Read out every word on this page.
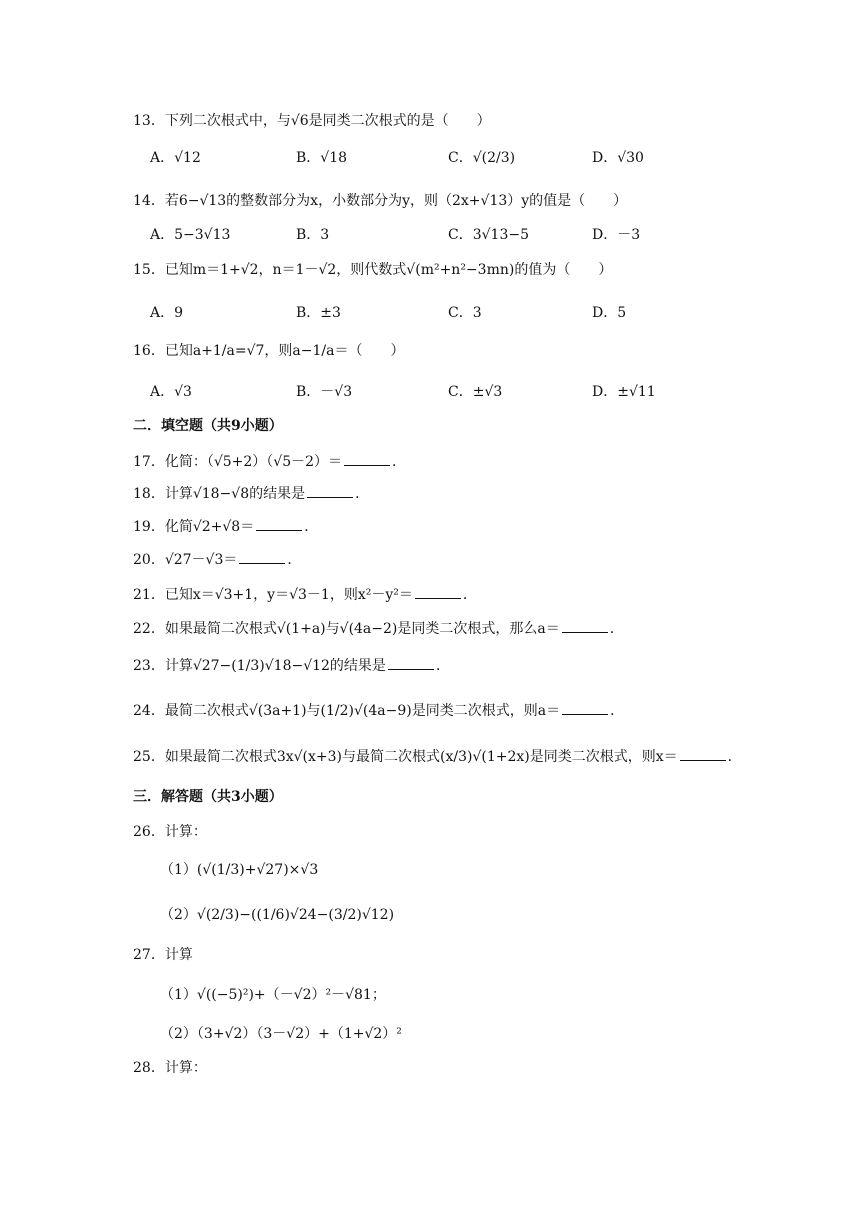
13．下列二次根式中，与√6是同类二次根式的是（　　）
A．√12	B．√18	C．√(2/3)	D．√30
14．若6−√13的整数部分为x，小数部分为y，则（2x+√13）y的值是（　　）
A．5−3√13	B．3	C．3√13−5	D．－3
15．已知m＝1+√2，n＝1－√2，则代数式√(m²+n²−3mn)的值为（　　）
A．9	B．±3	C．3	D．5
16．已知a+1/a=√7，则a−1/a＝（　　）
A．√3	B．－√3	C．±√3	D．±√11
二．填空题（共9小题）
17．化简：（√5+2）（√5－2）＝	．
18．计算√18−√8的结果是	．
19．化简√2+√8＝	．
20．√27－√3＝	．
21．已知x＝√3+1，y＝√3－1，则x²－y²＝	．
22．如果最简二次根式√(1+a)与√(4a−2)是同类二次根式，那么a＝	．
23．计算√27−(1/3)√18−√12的结果是	．
24．最简二次根式√(3a+1)与(1/2)√(4a−9)是同类二次根式，则a＝	．
25．如果最简二次根式3x√(x+3)与最简二次根式(x/3)√(1+2x)是同类二次根式，则x＝	．
三．解答题（共3小题）
26．计算：
（1）(√(1/3)+√27)×√3
（2）√(2/3)−((1/6)√24−(3/2)√12)
27．计算
（1）√((−5)²)+（－√2）²－√81；
（2）（3+√2）（3－√2）+（1+√2）²
28．计算：
